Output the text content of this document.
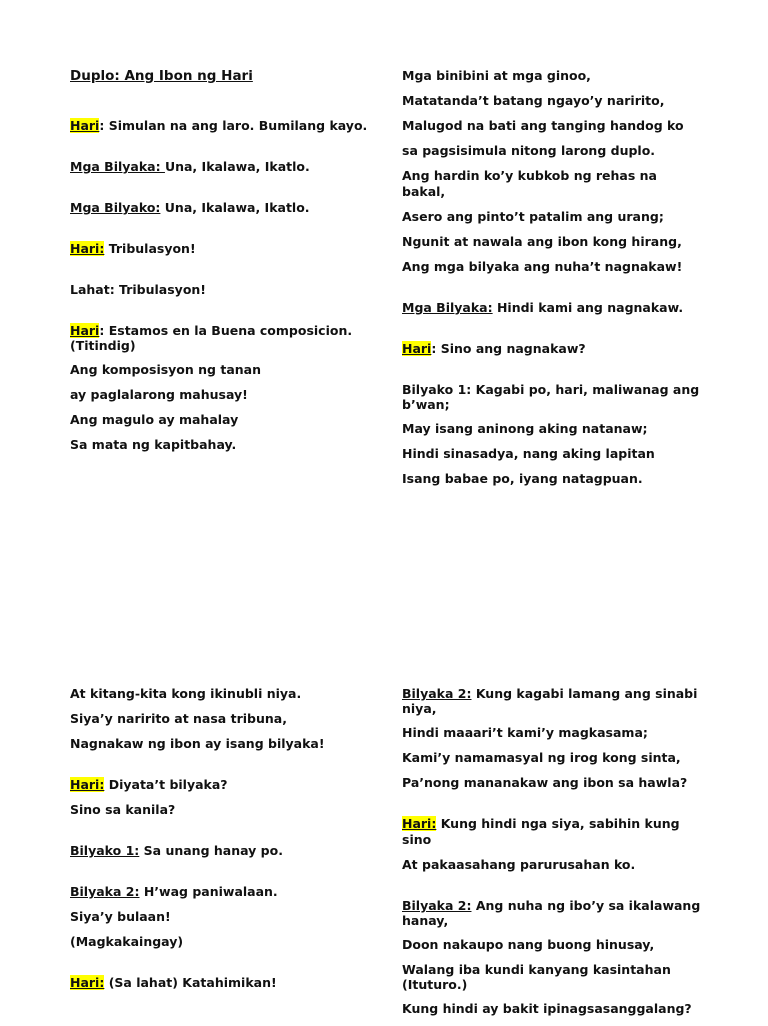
Duplo: Ang Ibon ng Hari
Hari: Simulan na ang laro. Bumilang kayo.
Mga Bilyaka: Una, Ikalawa, Ikatlo.
Mga Bilyako: Una, Ikalawa, Ikatlo.
Hari: Tribulasyon!
Lahat: Tribulasyon!
Hari: Estamos en la Buena composicion. (Titindig)
Ang komposisyon ng tanan
ay paglalarong mahusay!
Ang magulo ay mahalay
Sa mata ng kapitbahay.
Mga binibini at mga ginoo,
Matatanda’t batang ngayo’y naririto,
Malugod na bati ang tanging handog ko
sa pagsisimula nitong larong duplo.
Ang hardin ko’y kubkob ng rehas na bakal,
Asero ang pinto’t patalim ang urang;
Ngunit at nawala ang ibon kong hirang,
Ang mga bilyaka ang nuha’t nagnakaw!
Mga Bilyaka: Hindi kami ang nagnakaw.
Hari: Sino ang nagnakaw?
Bilyako 1: Kagabi po, hari, maliwanag ang b’wan;
May isang aninong aking natanaw;
Hindi sinasadya, nang aking lapitan
Isang babae po, iyang natagpuan.
At kitang-kita kong ikinubli niya.
Siya’y naririto at nasa tribuna,
Nagnakaw ng ibon ay isang bilyaka!
Hari: Diyata’t bilyaka?
Sino sa kanila?
Bilyako 1: Sa unang hanay po.
Bilyaka 2: H’wag paniwalaan.
Siya’y bulaan!
(Magkakaingay)
Hari: (Sa lahat) Katahimikan!
Bilyaka 2: Kung kagabi lamang ang sinabi niya,
Hindi maaari’t kami’y magkasama;
Kami’y namamasyal ng irog kong sinta,
Pa’nong mananakaw ang ibon sa hawla?
Hari: Kung hindi nga siya, sabihin kung sino
At pakaasahang parurusahan ko.
Bilyaka 2: Ang nuha ng ibo’y sa ikalawang hanay,
Doon nakaupo nang buong hinusay,
Walang iba kundi kanyang kasintahan (Ituturo.)
Kung hindi ay bakit ipinagsasanggalang?
